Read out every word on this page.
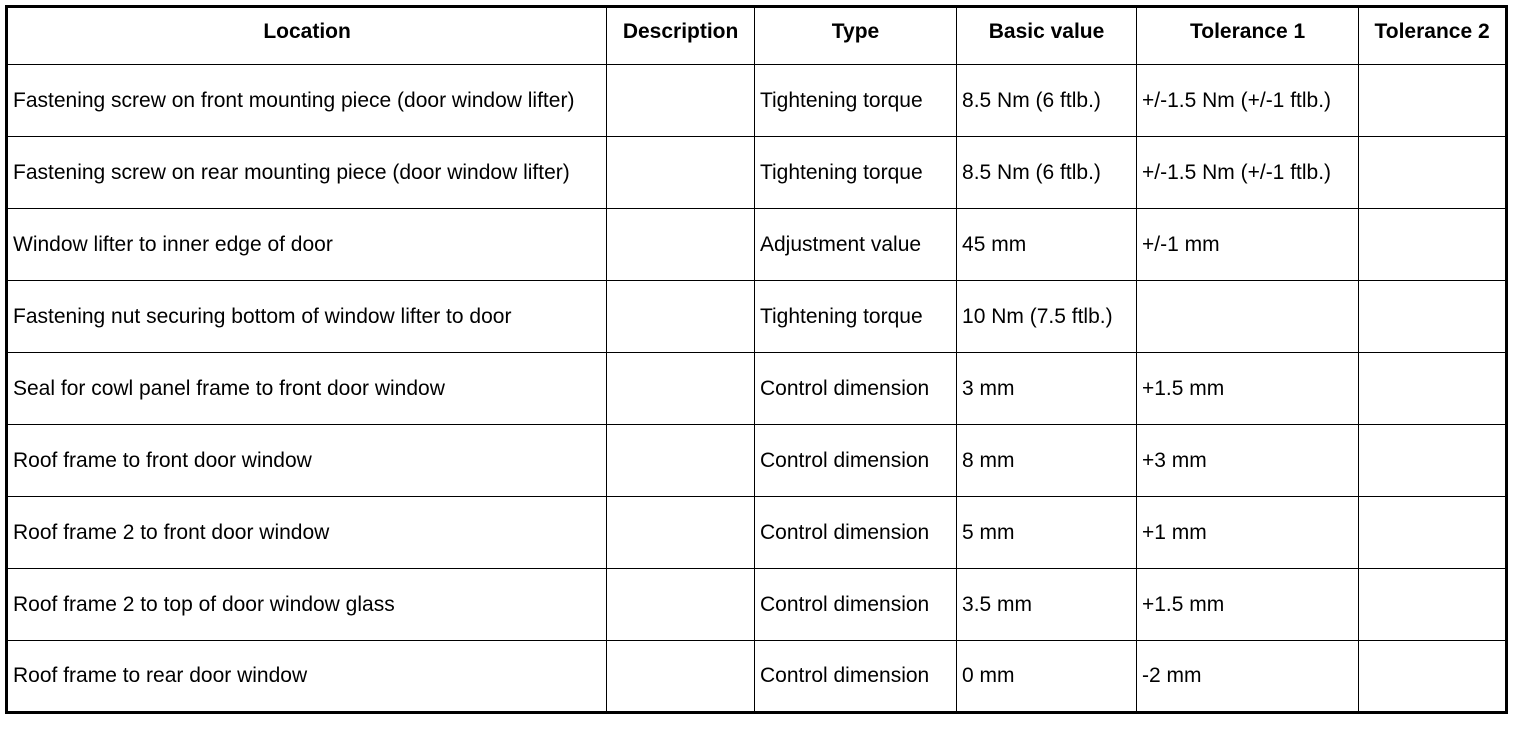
Location	Description	Type	Basic value	Tolerance 1	Tolerance 2
Fastening screw on front mounting piece (door window lifter)		Tightening torque	8.5 Nm (6 ftlb.)	+/-1.5 Nm (+/-1 ftlb.)	
Fastening screw on rear mounting piece (door window lifter)		Tightening torque	8.5 Nm (6 ftlb.)	+/-1.5 Nm (+/-1 ftlb.)	
Window lifter to inner edge of door		Adjustment value	45 mm	+/-1 mm	
Fastening nut securing bottom of window lifter to door		Tightening torque	10 Nm (7.5 ftlb.)		
Seal for cowl panel frame to front door window		Control dimension	3 mm	+1.5 mm	
Roof frame to front door window		Control dimension	8 mm	+3 mm	
Roof frame 2 to front door window		Control dimension	5 mm	+1 mm	
Roof frame 2 to top of door window glass		Control dimension	3.5 mm	+1.5 mm	
Roof frame to rear door window		Control dimension	0 mm	-2 mm	
